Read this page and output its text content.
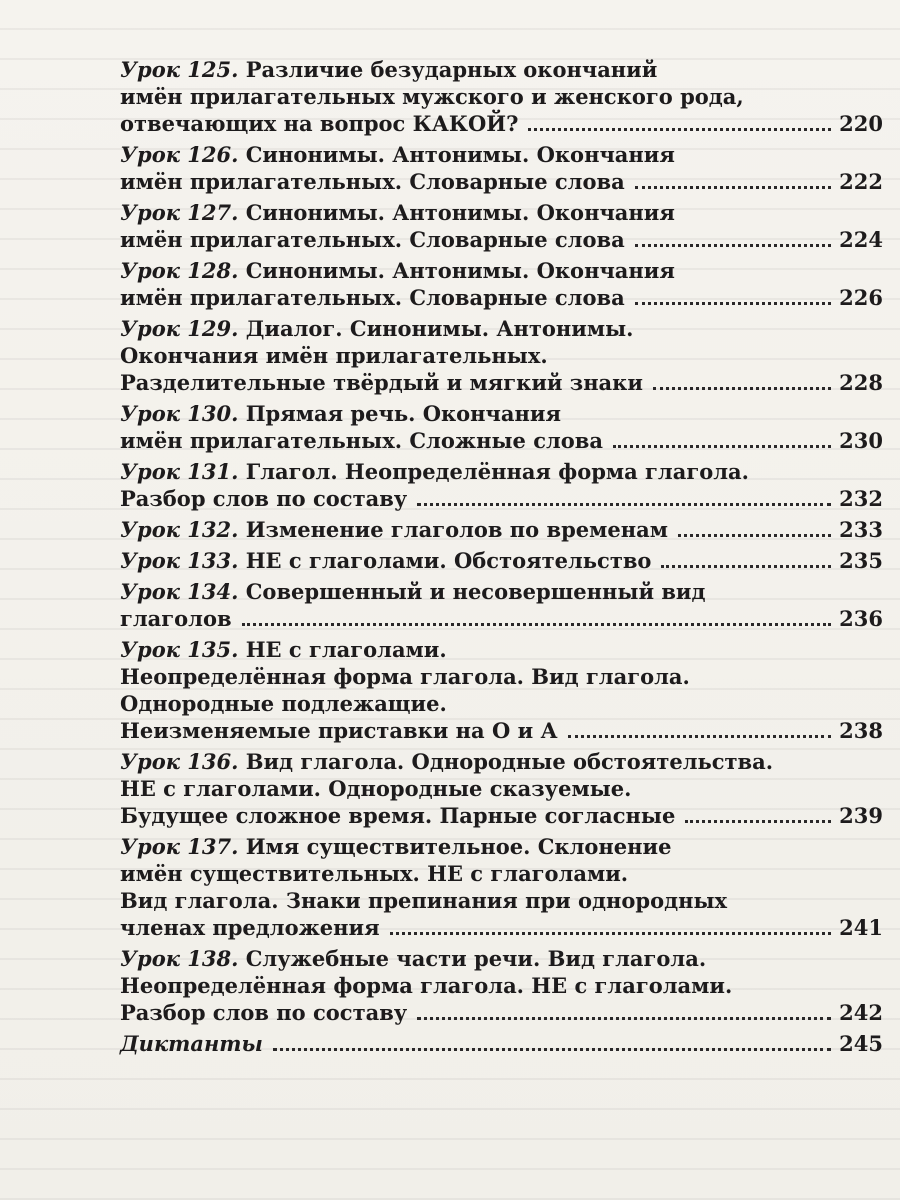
Урок 125.
Различие безударных окончаний
имён прилагательных мужского и женского рода,
отвечающих на вопрос КАКОЙ?	220
Урок 126.
Синонимы. Антонимы. Окончания
имён прилагательных. Словарные слова	222
Урок 127.
Синонимы. Антонимы. Окончания
имён прилагательных. Словарные слова	224
Урок 128.
Синонимы. Антонимы. Окончания
имён прилагательных. Словарные слова	226
Урок 129.
Диалог. Синонимы. Антонимы.
Окончания имён прилагательных.
Разделительные твёрдый и мягкий знаки	228
Урок 130.
Прямая речь. Окончания
имён прилагательных. Сложные слова	230
Урок 131.
Глагол. Неопределённая форма глагола.
Разбор слов по составу	232
Урок 132.
Изменение глаголов по временам	233
Урок 133.
НЕ с глаголами. Обстоятельство	235
Урок 134.
Совершенный и несовершенный вид
глаголов	236
Урок 135.
НЕ с глаголами.
Неопределённая форма глагола. Вид глагола.
Однородные подлежащие.
Неизменяемые приставки на О и А	238
Урок 136.
Вид глагола. Однородные обстоятельства.
НЕ с глаголами. Однородные сказуемые.
Будущее сложное время. Парные согласные	239
Урок 137.
Имя существительное. Склонение
имён существительных. НЕ с глаголами.
Вид глагола. Знаки препинания при однородных
членах предложения	241
Урок 138.
Служебные части речи. Вид глагола.
Неопределённая форма глагола. НЕ с глаголами.
Разбор слов по составу	242
Диктанты	245
